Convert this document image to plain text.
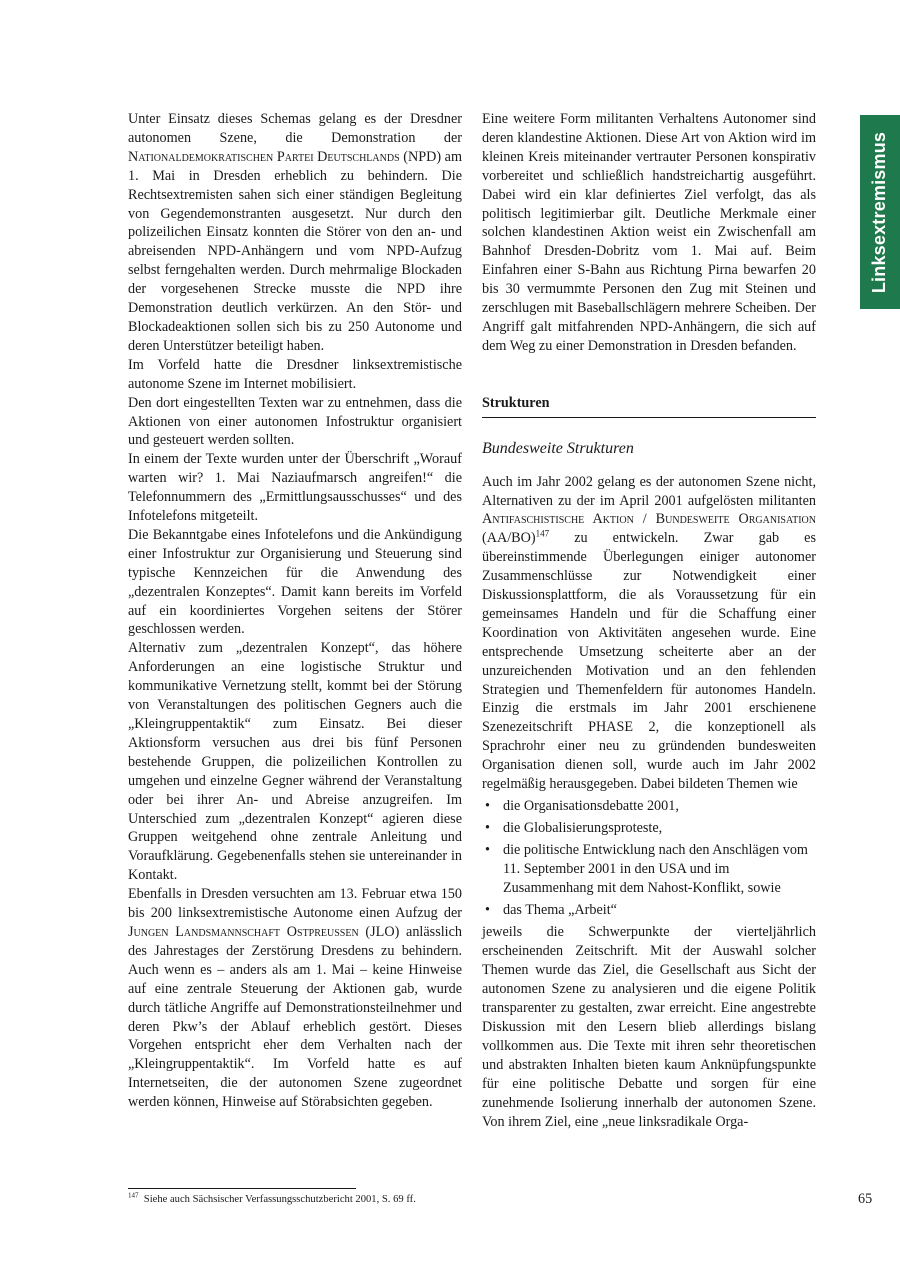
Linksextremismus

Unter Einsatz dieses Schemas gelang es der Dresdner autonomen Szene, die Demonstration der Nationaldemokratischen Partei Deutschlands (NPD) am 1. Mai in Dresden erheblich zu behindern. Die Rechtsextremisten sahen sich einer ständigen Begleitung von Gegendemonstranten ausgesetzt. Nur durch den polizeilichen Einsatz konnten die Störer von den an- und abreisenden NPD-Anhängern und vom NPD-Aufzug selbst ferngehalten werden. Durch mehrmalige Blockaden der vorgesehenen Strecke musste die NPD ihre Demonstration deutlich verkürzen. An den Stör- und Blockadeaktionen sollen sich bis zu 250 Autonome und deren Unterstützer beteiligt haben.

Im Vorfeld hatte die Dresdner linksextremistische autonome Szene im Internet mobilisiert.

Den dort eingestellten Texten war zu entnehmen, dass die Aktionen von einer autonomen Infostruktur organisiert und gesteuert werden sollten.

In einem der Texte wurden unter der Überschrift „Worauf warten wir? 1. Mai Naziaufmarsch angreifen!“ die Telefonnummern des „Ermittlungsausschusses“ und des Infotelefons mitgeteilt.

Die Bekanntgabe eines Infotelefons und die Ankündigung einer Infostruktur zur Organisierung und Steuerung sind typische Kennzeichen für die Anwendung des „dezentralen Konzeptes“. Damit kann bereits im Vorfeld auf ein koordiniertes Vorgehen seitens der Störer geschlossen werden.

Alternativ zum „dezentralen Konzept“, das höhere Anforderungen an eine logistische Struktur und kommunikative Vernetzung stellt, kommt bei der Störung von Veranstaltungen des politischen Gegners auch die „Kleingruppentaktik“ zum Einsatz. Bei dieser Aktionsform versuchen aus drei bis fünf Personen bestehende Gruppen, die polizeilichen Kontrollen zu umgehen und einzelne Gegner während der Veranstaltung oder bei ihrer An- und Abreise anzugreifen. Im Unterschied zum „dezentralen Konzept“ agieren diese Gruppen weitgehend ohne zentrale Anleitung und Voraufklärung. Gegebenenfalls stehen sie untereinander in Kontakt.

Ebenfalls in Dresden versuchten am 13. Februar etwa 150 bis 200 linksextremistische Autonome einen Aufzug der Jungen Landsmannschaft Ostpreußen (JLO) anlässlich des Jahrestages der Zerstörung Dresdens zu behindern. Auch wenn es – anders als am 1. Mai – keine Hinweise auf eine zentrale Steuerung der Aktionen gab, wurde durch tätliche Angriffe auf Demonstrationsteilnehmer und deren Pkw’s der Ablauf erheblich gestört. Dieses Vorgehen entspricht eher dem Verhalten nach der „Kleingruppentaktik“. Im Vorfeld hatte es auf Internetseiten, die der autonomen Szene zugeordnet werden können, Hinweise auf Störabsichten gegeben.

Eine weitere Form militanten Verhaltens Autonomer sind deren klandestine Aktionen. Diese Art von Aktion wird im kleinen Kreis miteinander vertrauter Personen konspirativ vorbereitet und schließlich handstreichartig ausgeführt. Dabei wird ein klar definiertes Ziel verfolgt, das als politisch legitimierbar gilt. Deutliche Merkmale einer solchen klandestinen Aktion weist ein Zwischenfall am Bahnhof Dresden-Dobritz vom 1. Mai auf. Beim Einfahren einer S-Bahn aus Richtung Pirna bewarfen 20 bis 30 vermummte Personen den Zug mit Steinen und zerschlugen mit Baseballschlägern mehrere Scheiben. Der Angriff galt mitfahrenden NPD-Anhängern, die sich auf dem Weg zu einer Demonstration in Dresden befanden.

Strukturen
Bundesweite Strukturen

Auch im Jahr 2002 gelang es der autonomen Szene nicht, Alternativen zu der im April 2001 aufgelösten militanten Antifaschistische Aktion / Bundesweite Organisation $(AA/BO)^{147}$ zu entwickeln. Zwar gab es übereinstimmende Überlegungen einiger autonomer Zusammenschlüsse zur Notwendigkeit einer Diskussionsplattform, die als Voraussetzung für ein gemeinsames Handeln und für die Schaffung einer Koordination von Aktivitäten angesehen wurde. Eine entsprechende Umsetzung scheiterte aber an der unzureichenden Motivation und an den fehlenden Strategien und Themenfeldern für autonomes Handeln. Einzig die erstmals im Jahr 2001 erschienene Szenezeitschrift PHASE 2, die konzeptionell als Sprachrohr einer neu zu gründenden bundesweiten Organisation dienen soll, wurde auch im Jahr 2002 regelmäßig herausgegeben. Dabei bildeten Themen wie

• die Organisationsdebatte 2001,
• die Globalisierungsproteste,
• die politische Entwicklung nach den Anschlägen vom 11. September 2001 in den USA und im Zusammenhang mit dem Nahost-Konflikt, sowie
• das Thema „Arbeit“

jeweils die Schwerpunkte der vierteljährlich erscheinenden Zeitschrift. Mit der Auswahl solcher Themen wurde das Ziel, die Gesellschaft aus Sicht der autonomen Szene zu analysieren und die eigene Politik transparenter zu gestalten, zwar erreicht. Eine angestrebte Diskussion mit den Lesern blieb allerdings bislang vollkommen aus. Die Texte mit ihren sehr theoretischen und abstrakten Inhalten bieten kaum Anknüpfungspunkte für eine politische Debatte und sorgen für eine zunehmende Isolierung innerhalb der autonomen Szene. Von ihrem Ziel, eine „neue linksradikale Orga-

$^{147}$ Siehe auch Sächsischer Verfassungsschutzbericht 2001, S. 69 ff.	65
